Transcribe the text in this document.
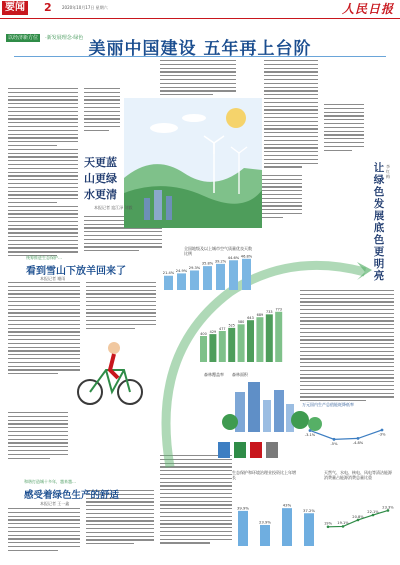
要闻 2	2020年10月17日 星期六	人民日报
以经济新方位 ·新发展理念·绿色
美丽中国建设 五年再上台阶
天更蓝
山更绿
水更清
本报记者 寇江泽 刘毅
让绿色发展底色更明亮
李红梅
21.4%
24.9%
29.3%
35.8%
39.2%
44.6% 46.8%
全国地级及以上城市空气质量优良天数比例
400 429
477
525
580
643
689
733
773
森林覆盖率 森林面积
万元国内生产总值能耗降低率
-3.1%
-5%	-4.8%
-3%
生态保护和环境治理业投资比上年增长
39.9%
23.9%
43%
37.2%
天然气、水电、核电、风电等清洁能源消费量占能源消费总量比重
19% 19.1%
20.8%
22.1%
23.3%
统筹推进生态保护…
看到雪山下放羊回来了
本报记者 谢雨
和谐打造城十多年，越来越…
感受着绿色生产的舒适
本报记者 王一鑫
